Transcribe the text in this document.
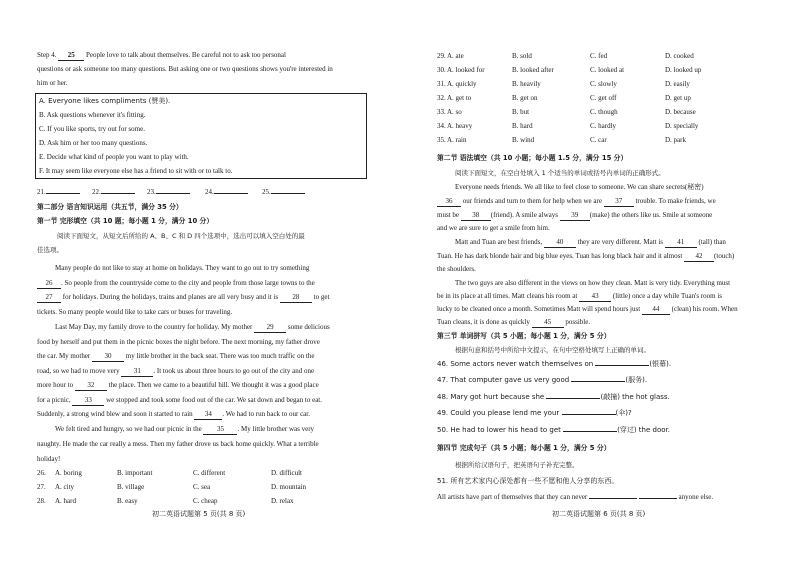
Step 4. 25 People love to talk about themselves. Be careful not to ask too personal
questions or ask someone too many questions. But asking one or two questions shows you're interested in
him or her.
A. Everyone likes compliments (赞美).
B. Ask questions whenever it's fitting.
C. If you like sports, try out for some.
D. Ask him or her too many questions.
E. Decide what kind of people you want to play with.
F. It may seem like everyone else has a friend to sit with or to talk to.
21.	22.	23.	24.	25.
第二部分 语言知识运用（共五节，满分 35 分）
第一节 完形填空（共 10 题；每小题 1 分，满分 10 分）
阅读下面短文，从短文后所给的 A、B、C 和 D 四个选项中，选出可以填入空白处的最
佳选项。
Many people do not like to stay at home on holidays. They want to go out to try something
26 . So people from the countryside come to the city and people from those large towns to the
27 for holidays. During the holidays, trains and planes are all very busy and it is 28 to get
tickets. So many people would like to take cars or buses for traveling.
Last May Day, my family drove to the country for holiday. My mother 29 some delicious
food by herself and put them in the picnic boxes the night before. The next morning, my father drove
the car. My mother 30 my little brother in the back seat. There was too much traffic on the
road, so we had to move very 31 . It took us about three hours to go out of the city and one
more hour to 32 the place. Then we came to a beautiful hill. We thought it was a good place
for a picnic, 33 we stopped and took some food out of the car. We sat down and began to eat.
Suddenly, a strong wind blew and soon it started to rain 34 . We had to run back to our car.
We felt tired and hungry, so we had our picnic in the 35 . My little brother was very
naughty. He made the car really a mess. Then my father drove us back home quickly. What a terrible
holiday!
26. A. boring	B. important	C. different	D. difficult
27. A. city	B. village	C. sea	D. mountain
28. A. hard	B. easy	C. cheap	D. relax
初二英语试题第 5 页(共 8 页)
29. A. ate	B. sold	C. fed	D. cooked
30. A. looked for	B. looked after	C. looked at	D. looked up
31. A. quickly	B. heavily	C. slowly	D. easily
32. A. get to	B. get on	C. get off	D. get up
33. A. so	B. but	C. though	D. because
34. A. heavy	B. hard	C. hardly	D. specially
35. A. rain	B. wind	C. car	D. park
第二节 语法填空（共 10 小题；每小题 1.5 分，满分 15 分）
阅读下面短文，在空白处填入 1 个适当的单词或括号内单词的正确形式。
Everyone needs friends. We all like to feel close to someone. We can share secrets(秘密)
36 our friends and turn to them for help when we are 37 trouble. To make friends, we
must be 38 (friend). A smile always 39 (make) the others like us. Smile at someone
and we are sure to get a smile from him.
Matt and Tuan are best friends, 40 they are very different. Matt is 41 (tall) than
Tuan. He has dark blonde hair and big blue eyes. Tuan has long black hair and it almost 42 (touch)
the shoulders.
The two guys are also different in the views on how they clean. Matt is very tidy. Everything must
be in its place at all times. Matt cleans his room at 43 (little) once a day while Tuan's room is
lucky to be cleaned once a month. Sometimes Matt will spend hours just 44 (clean) his room. When
Tuan cleans, it is done as quickly 45 possible.
第三节 单词拼写（共 5 小题；每小题 1 分，满分 5 分）
根据句意和括号中所给中文提示，在句中空格处填写上正确的单词。
46. Some actors never watch themselves on	(银幕).
47. That computer gave us very good	(服务).
48. Mary got hurt because she	(敲撞) the hot glass.
49. Could you please lend me your	(伞)?
50. He had to lower his head to get	(穿过) the door.
第四节 完成句子（共 5 小题；每小题 1 分，满分 5 分）
根据所给汉语句子，把英语句子补充完整。
51. 所有艺术家内心深处都有一些不愿和他人分享的东西。
All artists have part of themselves that they can never	anyone else.
初二英语试题第 6 页(共 8 页)
